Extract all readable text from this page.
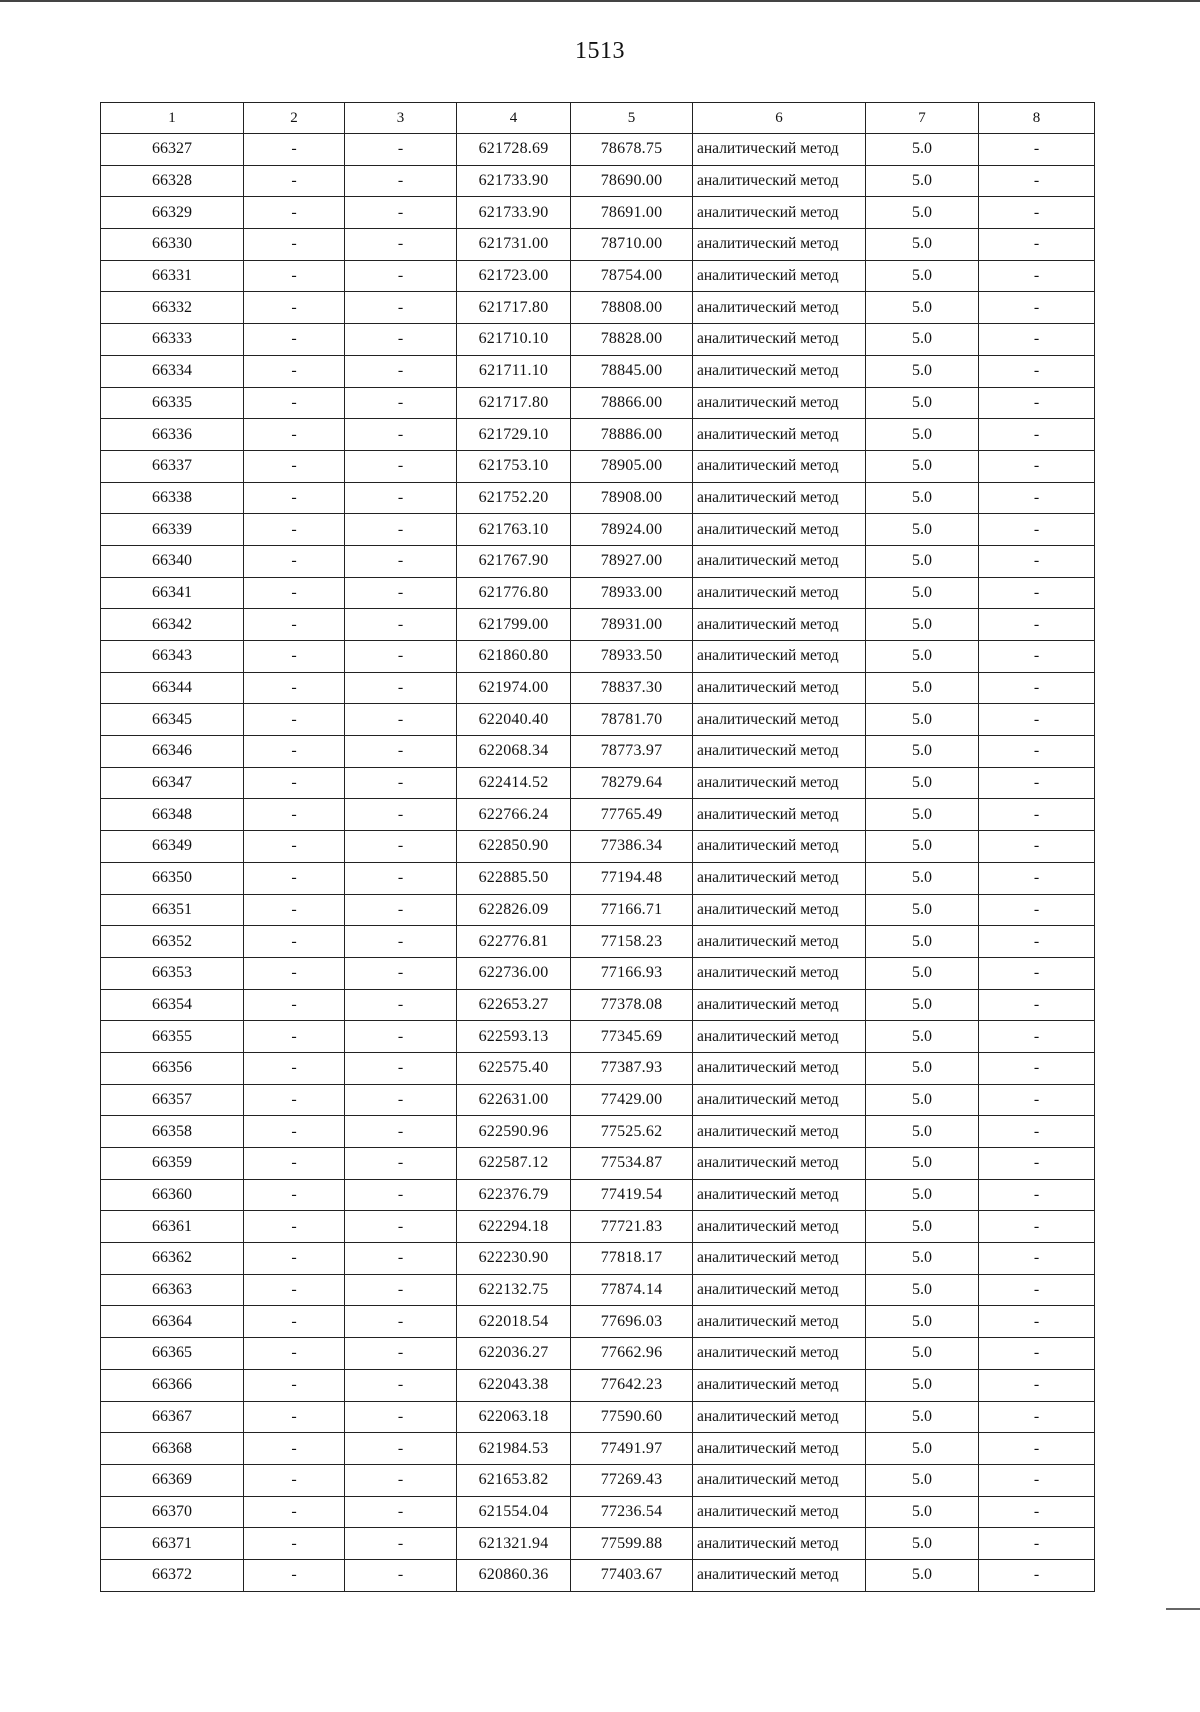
1513
1	2	3	4	5	6	7	8
66327	-	-	621728.69	78678.75	аналитический метод	5.0	-
66328	-	-	621733.90	78690.00	аналитический метод	5.0	-
66329	-	-	621733.90	78691.00	аналитический метод	5.0	-
66330	-	-	621731.00	78710.00	аналитический метод	5.0	-
66331	-	-	621723.00	78754.00	аналитический метод	5.0	-
66332	-	-	621717.80	78808.00	аналитический метод	5.0	-
66333	-	-	621710.10	78828.00	аналитический метод	5.0	-
66334	-	-	621711.10	78845.00	аналитический метод	5.0	-
66335	-	-	621717.80	78866.00	аналитический метод	5.0	-
66336	-	-	621729.10	78886.00	аналитический метод	5.0	-
66337	-	-	621753.10	78905.00	аналитический метод	5.0	-
66338	-	-	621752.20	78908.00	аналитический метод	5.0	-
66339	-	-	621763.10	78924.00	аналитический метод	5.0	-
66340	-	-	621767.90	78927.00	аналитический метод	5.0	-
66341	-	-	621776.80	78933.00	аналитический метод	5.0	-
66342	-	-	621799.00	78931.00	аналитический метод	5.0	-
66343	-	-	621860.80	78933.50	аналитический метод	5.0	-
66344	-	-	621974.00	78837.30	аналитический метод	5.0	-
66345	-	-	622040.40	78781.70	аналитический метод	5.0	-
66346	-	-	622068.34	78773.97	аналитический метод	5.0	-
66347	-	-	622414.52	78279.64	аналитический метод	5.0	-
66348	-	-	622766.24	77765.49	аналитический метод	5.0	-
66349	-	-	622850.90	77386.34	аналитический метод	5.0	-
66350	-	-	622885.50	77194.48	аналитический метод	5.0	-
66351	-	-	622826.09	77166.71	аналитический метод	5.0	-
66352	-	-	622776.81	77158.23	аналитический метод	5.0	-
66353	-	-	622736.00	77166.93	аналитический метод	5.0	-
66354	-	-	622653.27	77378.08	аналитический метод	5.0	-
66355	-	-	622593.13	77345.69	аналитический метод	5.0	-
66356	-	-	622575.40	77387.93	аналитический метод	5.0	-
66357	-	-	622631.00	77429.00	аналитический метод	5.0	-
66358	-	-	622590.96	77525.62	аналитический метод	5.0	-
66359	-	-	622587.12	77534.87	аналитический метод	5.0	-
66360	-	-	622376.79	77419.54	аналитический метод	5.0	-
66361	-	-	622294.18	77721.83	аналитический метод	5.0	-
66362	-	-	622230.90	77818.17	аналитический метод	5.0	-
66363	-	-	622132.75	77874.14	аналитический метод	5.0	-
66364	-	-	622018.54	77696.03	аналитический метод	5.0	-
66365	-	-	622036.27	77662.96	аналитический метод	5.0	-
66366	-	-	622043.38	77642.23	аналитический метод	5.0	-
66367	-	-	622063.18	77590.60	аналитический метод	5.0	-
66368	-	-	621984.53	77491.97	аналитический метод	5.0	-
66369	-	-	621653.82	77269.43	аналитический метод	5.0	-
66370	-	-	621554.04	77236.54	аналитический метод	5.0	-
66371	-	-	621321.94	77599.88	аналитический метод	5.0	-
66372	-	-	620860.36	77403.67	аналитический метод	5.0	-
